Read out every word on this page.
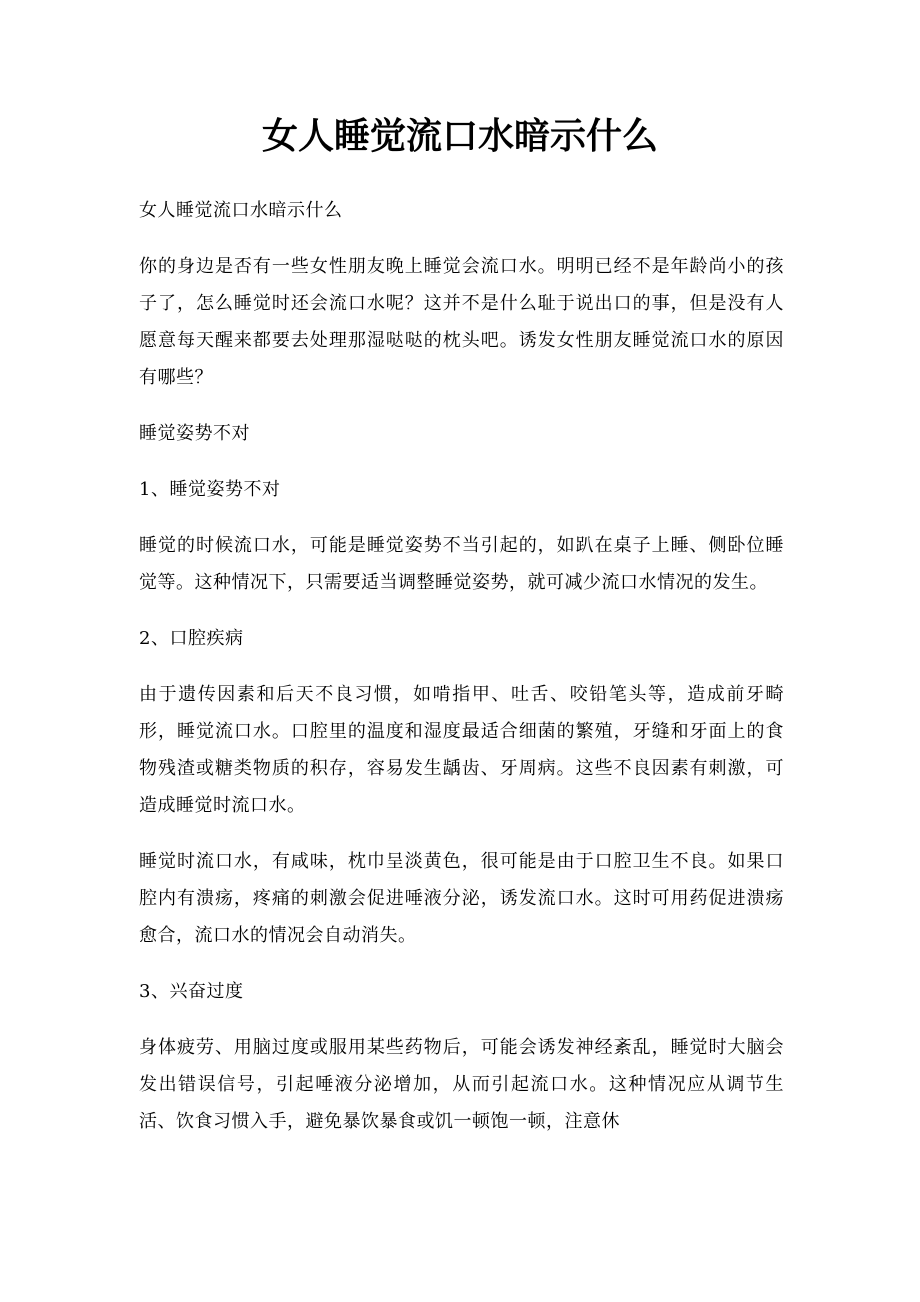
女人睡觉流口水暗示什么

女人睡觉流口水暗示什么

你的身边是否有一些女性朋友晚上睡觉会流口水。明明已经不是年龄尚小的孩子了，怎么睡觉时还会流口水呢？这并不是什么耻于说出口的事，但是没有人愿意每天醒来都要去处理那湿哒哒的枕头吧。诱发女性朋友睡觉流口水的原因有哪些？

睡觉姿势不对

1、睡觉姿势不对

睡觉的时候流口水，可能是睡觉姿势不当引起的，如趴在桌子上睡、侧卧位睡觉等。这种情况下，只需要适当调整睡觉姿势，就可减少流口水情况的发生。

2、口腔疾病

由于遗传因素和后天不良习惯，如啃指甲、吐舌、咬铅笔头等，造成前牙畸形，睡觉流口水。口腔里的温度和湿度最适合细菌的繁殖，牙缝和牙面上的食物残渣或糖类物质的积存，容易发生龋齿、牙周病。这些不良因素有刺激，可造成睡觉时流口水。

睡觉时流口水，有咸味，枕巾呈淡黄色，很可能是由于口腔卫生不良。如果口腔内有溃疡，疼痛的刺激会促进唾液分泌，诱发流口水。这时可用药促进溃疡愈合，流口水的情况会自动消失。

3、兴奋过度

身体疲劳、用脑过度或服用某些药物后，可能会诱发神经紊乱，睡觉时大脑会发出错误信号，引起唾液分泌增加，从而引起流口水。这种情况应从调节生活、饮食习惯入手，避免暴饮暴食或饥一顿饱一顿，注意休
